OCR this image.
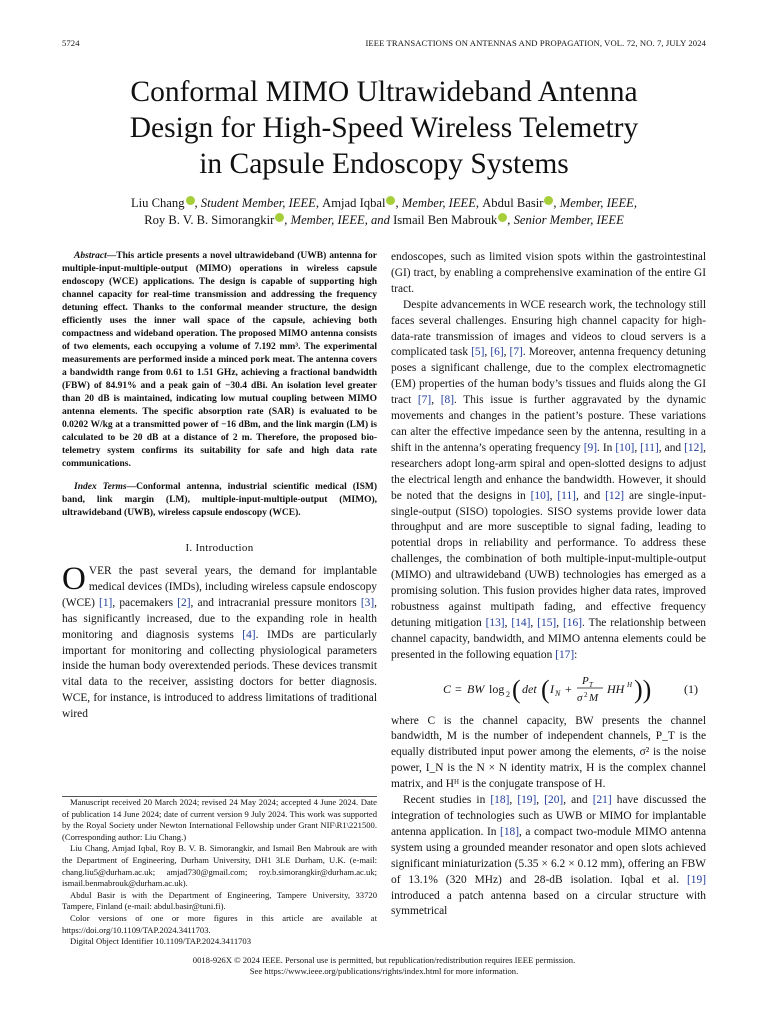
5724	IEEE TRANSACTIONS ON ANTENNAS AND PROPAGATION, VOL. 72, NO. 7, JULY 2024
Conformal MIMO Ultrawideband Antenna
Design for High-Speed Wireless Telemetry
in Capsule Endoscopy Systems
Liu Chang , Student Member, IEEE, Amjad Iqbal , Member, IEEE, Abdul Basir , Member, IEEE,
Roy B. V. B. Simorangkir , Member, IEEE, and Ismail Ben Mabrouk , Senior Member, IEEE

Abstract—This article presents a novel ultrawideband (UWB) antenna for multiple-input-multiple-output (MIMO) operations in wireless capsule endoscopy (WCE) applications. The design is capable of supporting high channel capacity for real-time transmission and addressing the frequency detuning effect. Thanks to the conformal meander structure, the design efficiently uses the inner wall space of the capsule, achieving both compactness and wideband operation. The proposed MIMO antenna consists of two elements, each occupying a volume of 7.192 mm³. The experimental measurements are performed inside a minced pork meat. The antenna covers a bandwidth range from 0.61 to 1.51 GHz, achieving a fractional bandwidth (FBW) of 84.91% and a peak gain of −30.4 dBi. An isolation level greater than 20 dB is maintained, indicating low mutual coupling between MIMO antenna elements. The specific absorption rate (SAR) is evaluated to be 0.0202 W/kg at a transmitted power of −16 dBm, and the link margin (LM) is calculated to be 20 dB at a distance of 2 m. Therefore, the proposed bio-telemetry system confirms its suitability for safe and high data rate communications.

Index Terms—Conformal antenna, industrial scientific medical (ISM) band, link margin (LM), multiple-input-multiple-output (MIMO), ultrawideband (UWB), wireless capsule endoscopy (WCE).

I. Introduction

OVER the past several years, the demand for implantable medical devices (IMDs), including wireless capsule endoscopy (WCE) [1], pacemakers [2], and intracranial pressure monitors [3], has significantly increased, due to the expanding role in health monitoring and diagnosis systems [4]. IMDs are particularly important for monitoring and collecting physiological parameters inside the human body overextended periods. These devices transmit vital data to the receiver, assisting doctors for better diagnosis. WCE, for instance, is introduced to address limitations of traditional wired

Manuscript received 20 March 2024; revised 24 May 2024; accepted 4 June 2024. Date of publication 14 June 2024; date of current version 9 July 2024. This work was supported by the Royal Society under Newton International Fellowship under Grant NIF\R1\221500. (Corresponding author: Liu Chang.)

Liu Chang, Amjad Iqbal, Roy B. V. B. Simorangkir, and Ismail Ben Mabrouk are with the Department of Engineering, Durham University, DH1 3LE Durham, U.K. (e-mail: chang.liu5@durham.ac.uk; amjad730@gmail.com; roy.b.simorangkir@durham.ac.uk; ismail.benmabrouk@durham.ac.uk).

Abdul Basir is with the Department of Engineering, Tampere University, 33720 Tampere, Finland (e-mail: abdul.basir@tuni.fi).

Color versions of one or more figures in this article are available at https://doi.org/10.1109/TAP.2024.3411703.

Digital Object Identifier 10.1109/TAP.2024.3411703

endoscopes, such as limited vision spots within the gastrointestinal (GI) tract, by enabling a comprehensive examination of the entire GI tract.

Despite advancements in WCE research work, the technology still faces several challenges. Ensuring high channel capacity for high-data-rate transmission of images and videos to cloud servers is a complicated task [5], [6], [7]. Moreover, antenna frequency detuning poses a significant challenge, due to the complex electromagnetic (EM) properties of the human body’s tissues and fluids along the GI tract [7], [8]. This issue is further aggravated by the dynamic movements and changes in the patient’s posture. These variations can alter the effective impedance seen by the antenna, resulting in a shift in the antenna’s operating frequency [9]. In [10], [11], and [12], researchers adopt long-arm spiral and open-slotted designs to adjust the electrical length and enhance the bandwidth. However, it should be noted that the designs in [10], [11], and [12] are single-input-single-output (SISO) topologies. SISO systems provide lower data throughput and are more susceptible to signal fading, leading to potential drops in reliability and performance. To address these challenges, the combination of both multiple-input-multiple-output (MIMO) and ultrawideband (UWB) technologies has emerged as a promising solution. This fusion provides higher data rates, improved robustness against multipath fading, and effective frequency detuning mitigation [13], [14], [15], [16]. The relationship between channel capacity, bandwidth, and MIMO antenna elements could be presented in the following equation [17]:

C = BW log 2 ( det ( I N +
P T
σ 2 M
HH H ))	(1)

where C is the channel capacity, BW presents the channel bandwidth, M is the number of independent channels, P_T is the equally distributed input power among the elements, σ² is the noise power, I_N is the N × N identity matrix, H is the complex channel matrix, and Hᴴ is the conjugate transpose of H.

Recent studies in [18], [19], [20], and [21] have discussed the integration of technologies such as UWB or MIMO for implantable antenna application. In [18], a compact two-module MIMO antenna system using a grounded meander resonator and open slots achieved significant miniaturization (5.35 × 6.2 × 0.12 mm), offering an FBW of 13.1% (320 MHz) and 28-dB isolation. Iqbal et al. [19] introduced a patch antenna based on a circular structure with symmetrical

0018-926X © 2024 IEEE. Personal use is permitted, but republication/redistribution requires IEEE permission.
See https://www.ieee.org/publications/rights/index.html for more information.
